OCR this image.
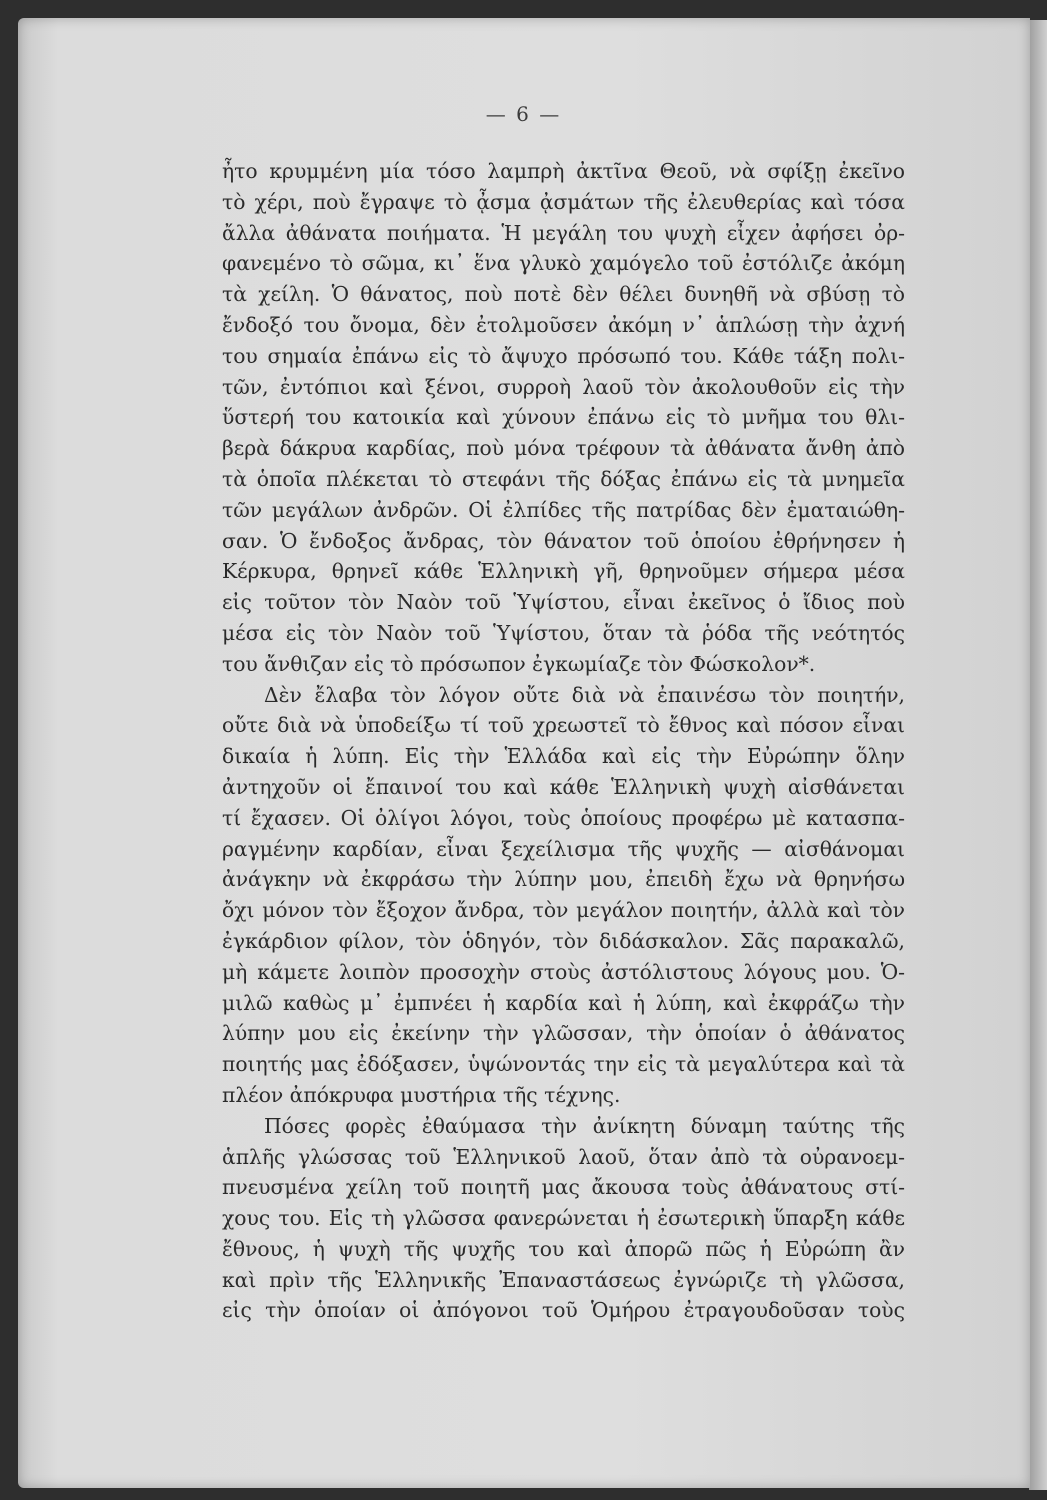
— 6 —
ἦτο κρυμμένη μία τόσο λαμπρὴ ἀκτῖνα Θεοῦ, νὰ σφίξῃ ἐκεῖνο
τὸ χέρι, ποὺ ἔγραψε τὸ ᾆσμα ᾀσμάτων τῆς ἐλευθερίας καὶ τόσα
ἄλλα ἀθάνατα ποιήματα. Ἡ μεγάλη του ψυχὴ εἶχεν ἀφήσει ὀρ-
φανεμένο τὸ σῶμα, κι᾽ ἕνα γλυκὸ χαμόγελο τοῦ ἐστόλιζε ἀκόμη
τὰ χείλη. Ὁ θάνατος, ποὺ ποτὲ δὲν θέλει δυνηθῆ νὰ σβύσῃ τὸ
ἔνδοξό του ὄνομα, δὲν ἐτολμοῦσεν ἀκόμη ν᾽ ἁπλώσῃ τὴν ἀχνή
του σημαία ἐπάνω εἰς τὸ ἄψυχο πρόσωπό του. Κάθε τάξη πολι-
τῶν, ἐντόπιοι καὶ ξένοι, συρροὴ λαοῦ τὸν ἀκολουθοῦν εἰς τὴν
ὕστερή του κατοικία καὶ χύνουν ἐπάνω εἰς τὸ μνῆμα του θλι-
βερὰ δάκρυα καρδίας, ποὺ μόνα τρέφουν τὰ ἀθάνατα ἄνθη ἀπὸ
τὰ ὁποῖα πλέκεται τὸ στεφάνι τῆς δόξας ἐπάνω εἰς τὰ μνημεῖα
τῶν μεγάλων ἀνδρῶν. Οἱ ἐλπίδες τῆς πατρίδας δὲν ἐματαιώθη-
σαν. Ὁ ἔνδοξος ἄνδρας, τὸν θάνατον τοῦ ὁποίου ἐθρήνησεν ἡ
Κέρκυρα, θρηνεῖ κάθε Ἑλληνικὴ γῆ, θρηνοῦμεν σήμερα μέσα
εἰς τοῦτον τὸν Ναὸν τοῦ Ὑψίστου, εἶναι ἐκεῖνος ὁ ἴδιος ποὺ
μέσα εἰς τὸν Ναὸν τοῦ Ὑψίστου, ὅταν τὰ ῥόδα τῆς νεότητός
του ἄνθιζαν εἰς τὸ πρόσωπον ἐγκωμίαζε τὸν Φώσκολον*.
Δὲν ἔλαβα τὸν λόγον οὔτε διὰ νὰ ἐπαινέσω τὸν ποιητήν,
οὔτε διὰ νὰ ὑποδείξω τί τοῦ χρεωστεῖ τὸ ἔθνος καὶ πόσον εἶναι
δικαία ἡ λύπη. Εἰς τὴν Ἑλλάδα καὶ εἰς τὴν Εὐρώπην ὅλην
ἀντηχοῦν οἱ ἔπαινοί του καὶ κάθε Ἑλληνικὴ ψυχὴ αἰσθάνεται
τί ἔχασεν. Οἱ ὀλίγοι λόγοι, τοὺς ὁποίους προφέρω μὲ κατασπα-
ραγμένην καρδίαν, εἶναι ξεχείλισμα τῆς ψυχῆς — αἰσθάνομαι
ἀνάγκην νὰ ἐκφράσω τὴν λύπην μου, ἐπειδὴ ἔχω νὰ θρηνήσω
ὄχι μόνον τὸν ἔξοχον ἄνδρα, τὸν μεγάλον ποιητήν, ἀλλὰ καὶ τὸν
ἐγκάρδιον φίλον, τὸν ὁδηγόν, τὸν διδάσκαλον. Σᾶς παρακαλῶ,
μὴ κάμετε λοιπὸν προσοχὴν στοὺς ἀστόλιστους λόγους μου. Ὁ-
μιλῶ καθὼς μ᾽ ἐμπνέει ἡ καρδία καὶ ἡ λύπη, καὶ ἐκφράζω τὴν
λύπην μου εἰς ἐκείνην τὴν γλῶσσαν, τὴν ὁποίαν ὁ ἀθάνατος
ποιητής μας ἐδόξασεν, ὑψώνοντάς την εἰς τὰ μεγαλύτερα καὶ τὰ
πλέον ἀπόκρυφα μυστήρια τῆς τέχνης.
Πόσες φορὲς ἐθαύμασα τὴν ἀνίκητη δύναμη ταύτης τῆς
ἁπλῆς γλώσσας τοῦ Ἑλληνικοῦ λαοῦ, ὅταν ἀπὸ τὰ οὐρανοεμ-
πνευσμένα χείλη τοῦ ποιητῆ μας ἄκουσα τοὺς ἀθάνατους στί-
χους του. Εἰς τὴ γλῶσσα φανερώνεται ἡ ἐσωτερικὴ ὕπαρξη κάθε
ἔθνους, ἡ ψυχὴ τῆς ψυχῆς του καὶ ἀπορῶ πῶς ἡ Εὐρώπη ἂν
καὶ πρὶν τῆς Ἑλληνικῆς Ἐπαναστάσεως ἐγνώριζε τὴ γλῶσσα,
εἰς τὴν ὁποίαν οἱ ἀπόγονοι τοῦ Ὁμήρου ἐτραγουδοῦσαν τοὺς
